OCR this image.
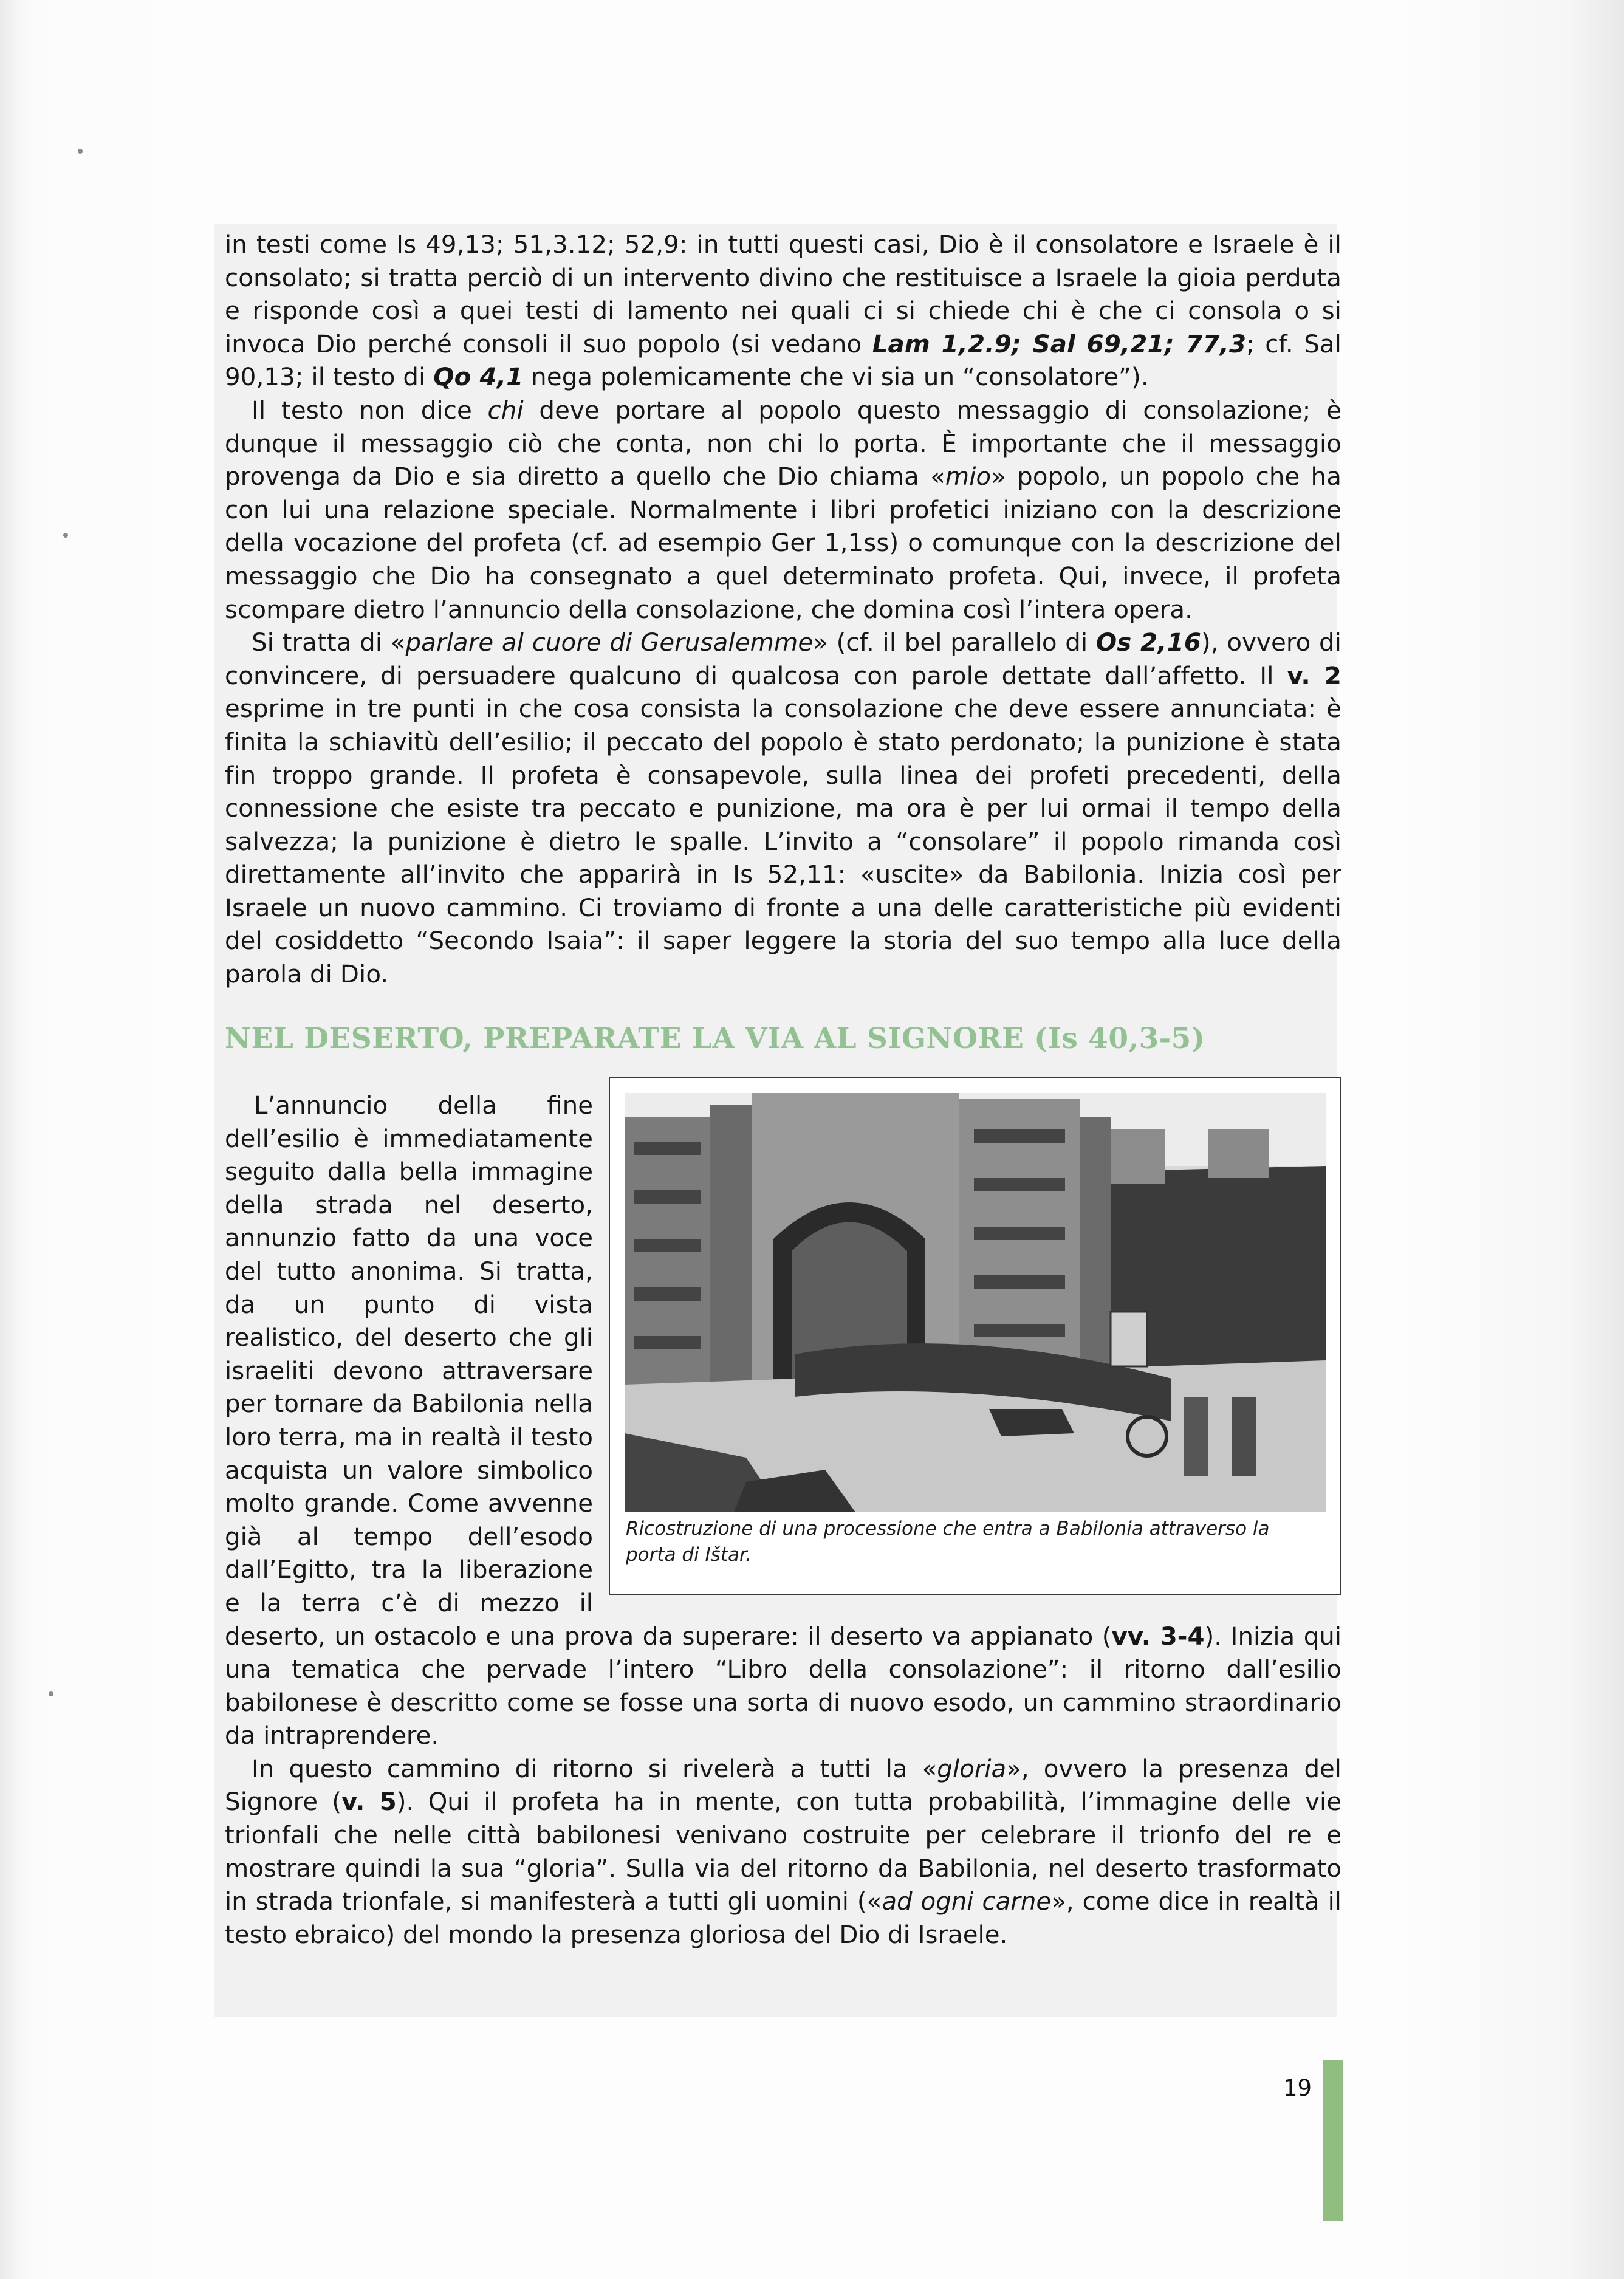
in testi come Is 49,13; 51,3.12; 52,9: in tutti questi casi, Dio è il consolatore e Israele è il consolato; si tratta perciò di un intervento divino che restituisce a Israele la gioia perduta e risponde così a quei testi di lamento nei quali ci si chiede chi è che ci consola o si invoca Dio perché consoli il suo popolo (si vedano Lam 1,2.9; Sal 69,21; 77,3; cf. Sal 90,13; il testo di Qo 4,1 nega polemicamente che vi sia un “consolatore”).

Il testo non dice chi deve portare al popolo questo messaggio di consolazione; è dunque il messaggio ciò che conta, non chi lo porta. È importante che il messaggio provenga da Dio e sia diretto a quello che Dio chiama «mio» popolo, un popolo che ha con lui una relazione speciale. Normalmente i libri profetici iniziano con la descrizione della vocazione del profeta (cf. ad esempio Ger 1,1ss) o comunque con la descrizione del messaggio che Dio ha consegnato a quel determinato profeta. Qui, invece, il profeta scompare dietro l’annuncio della consolazione, che domina così l’intera opera.

Si tratta di «parlare al cuore di Gerusalemme» (cf. il bel parallelo di Os 2,16), ovvero di convincere, di persuadere qualcuno di qualcosa con parole dettate dall’affetto. Il v. 2 esprime in tre punti in che cosa consista la consolazione che deve essere annunciata: è finita la schiavitù dell’esilio; il peccato del popolo è stato perdonato; la punizione è stata fin troppo grande. Il profeta è consapevole, sulla linea dei profeti precedenti, della connessione che esiste tra peccato e punizione, ma ora è per lui ormai il tempo della salvezza; la punizione è dietro le spalle. L’invito a “consolare” il popolo rimanda così direttamente all’invito che apparirà in Is 52,11: «uscite» da Babilonia. Inizia così per Israele un nuovo cammino. Ci troviamo di fronte a una delle caratteristiche più evidenti del cosiddetto “Secondo Isaia”: il saper leggere la storia del suo tempo alla luce della parola di Dio.

NEL DESERTO, PREPARATE LA VIA AL SIGNORE (Is 40,3-5)
Ricostruzione di una processione che entra a Babilonia attraverso la porta di Ištar.

L’annuncio della fine dell’esilio è immediatamente seguito dalla bella immagine della strada nel deserto, annunzio fatto da una voce del tutto anonima. Si tratta, da un punto di vista realistico, del deserto che gli israeliti devono attraversare per tornare da Babilonia nella loro terra, ma in realtà il testo acquista un valore simbolico molto grande. Come avvenne già al tempo dell’esodo dall’Egitto, tra la liberazione e la terra c’è di mezzo il deserto, un ostacolo e una prova da superare: il deserto va appianato (vv. 3-4). Inizia qui una tematica che pervade l’intero “Libro della consolazione”: il ritorno dall’esilio babilonese è descritto come se fosse una sorta di nuovo esodo, un cammino straordinario da intraprendere.

In questo cammino di ritorno si rivelerà a tutti la «gloria», ovvero la presenza del Signore (v. 5). Qui il profeta ha in mente, con tutta probabilità, l’immagine delle vie trionfali che nelle città babilonesi venivano costruite per celebrare il trionfo del re e mostrare quindi la sua “gloria”. Sulla via del ritorno da Babilonia, nel deserto trasformato in strada trionfale, si manifesterà a tutti gli uomini («ad ogni carne», come dice in realtà il testo ebraico) del mondo la presenza gloriosa del Dio di Israele.

19
